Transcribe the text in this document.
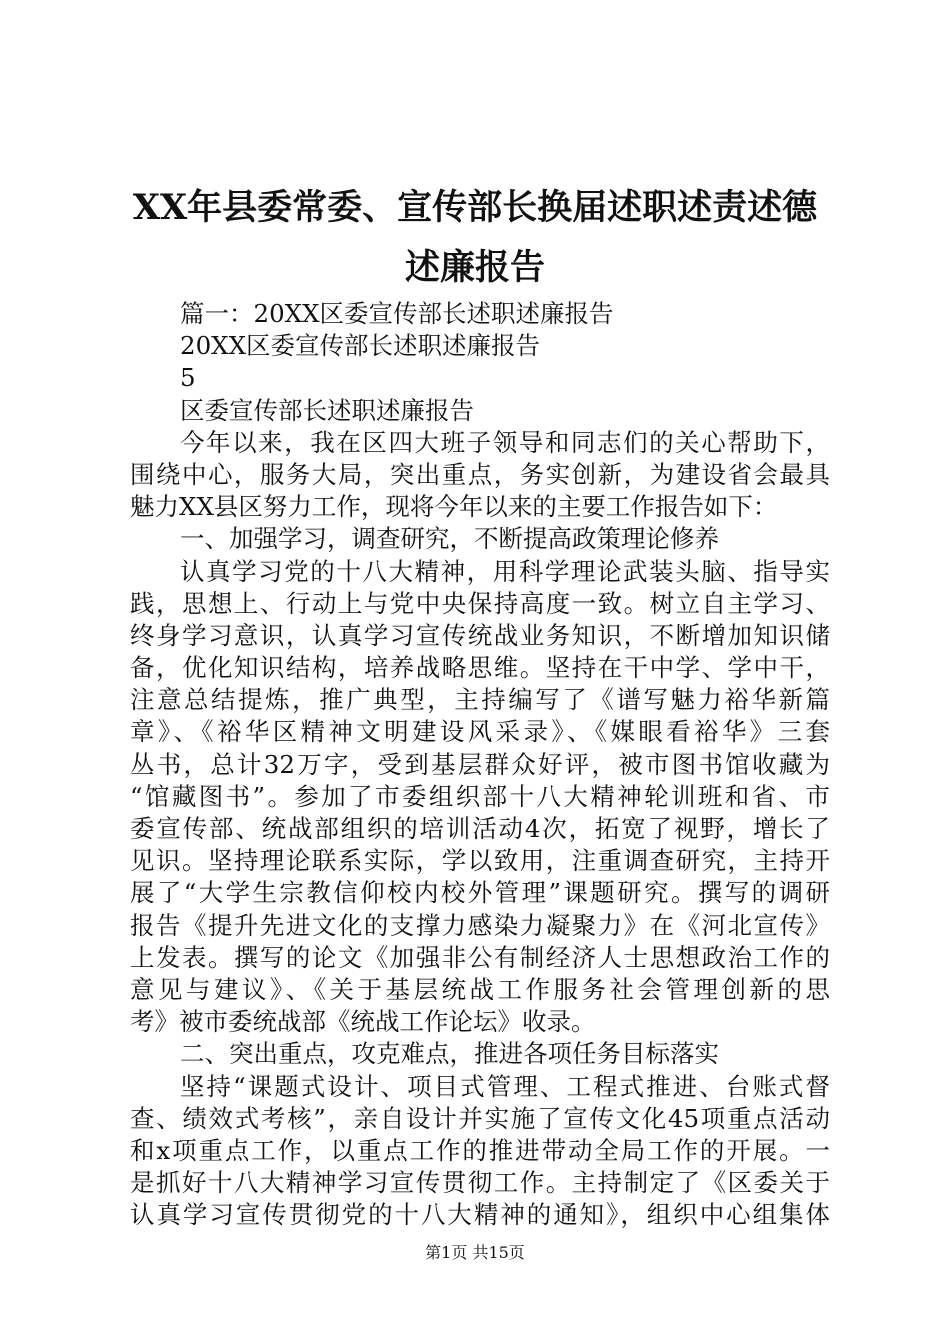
XX年县委常委、宣传部长换届述职述责述德
述廉报告
篇一：20XX区委宣传部长述职述廉报告
20XX区委宣传部长述职述廉报告
5
区委宣传部长述职述廉报告
今年以来，我在区四大班子领导和同志们的关心帮助下，
围绕中心，服务大局，突出重点，务实创新，为建设省会最具
魅力XX县区努力工作，现将今年以来的主要工作报告如下：
一、加强学习，调查研究，不断提高政策理论修养
认真学习党的十八大精神，用科学理论武装头脑、指导实
践，思想上、行动上与党中央保持高度一致。树立自主学习、
终身学习意识，认真学习宣传统战业务知识，不断增加知识储
备，优化知识结构，培养战略思维。坚持在干中学、学中干，
注意总结提炼，推广典型，主持编写了《谱写魅力裕华新篇
章》、《裕华区精神文明建设风采录》、《媒眼看裕华》三套
丛书，总计32万字，受到基层群众好评，被市图书馆收藏为
“馆藏图书”。参加了市委组织部十八大精神轮训班和省、市
委宣传部、统战部组织的培训活动4次，拓宽了视野，增长了
见识。坚持理论联系实际，学以致用，注重调查研究，主持开
展了“大学生宗教信仰校内校外管理”课题研究。撰写的调研
报告《提升先进文化的支撑力感染力凝聚力》在《河北宣传》
上发表。撰写的论文《加强非公有制经济人士思想政治工作的
意见与建议》、《关于基层统战工作服务社会管理创新的思
考》被市委统战部《统战工作论坛》收录。
二、突出重点，攻克难点，推进各项任务目标落实
坚持“课题式设计、项目式管理、工程式推进、台账式督
查、绩效式考核”，亲自设计并实施了宣传文化45项重点活动
和x项重点工作，以重点工作的推进带动全局工作的开展。一
是抓好十八大精神学习宣传贯彻工作。主持制定了《区委关于
认真学习宣传贯彻党的十八大精神的通知》，组织中心组集体
第1页 共15页
